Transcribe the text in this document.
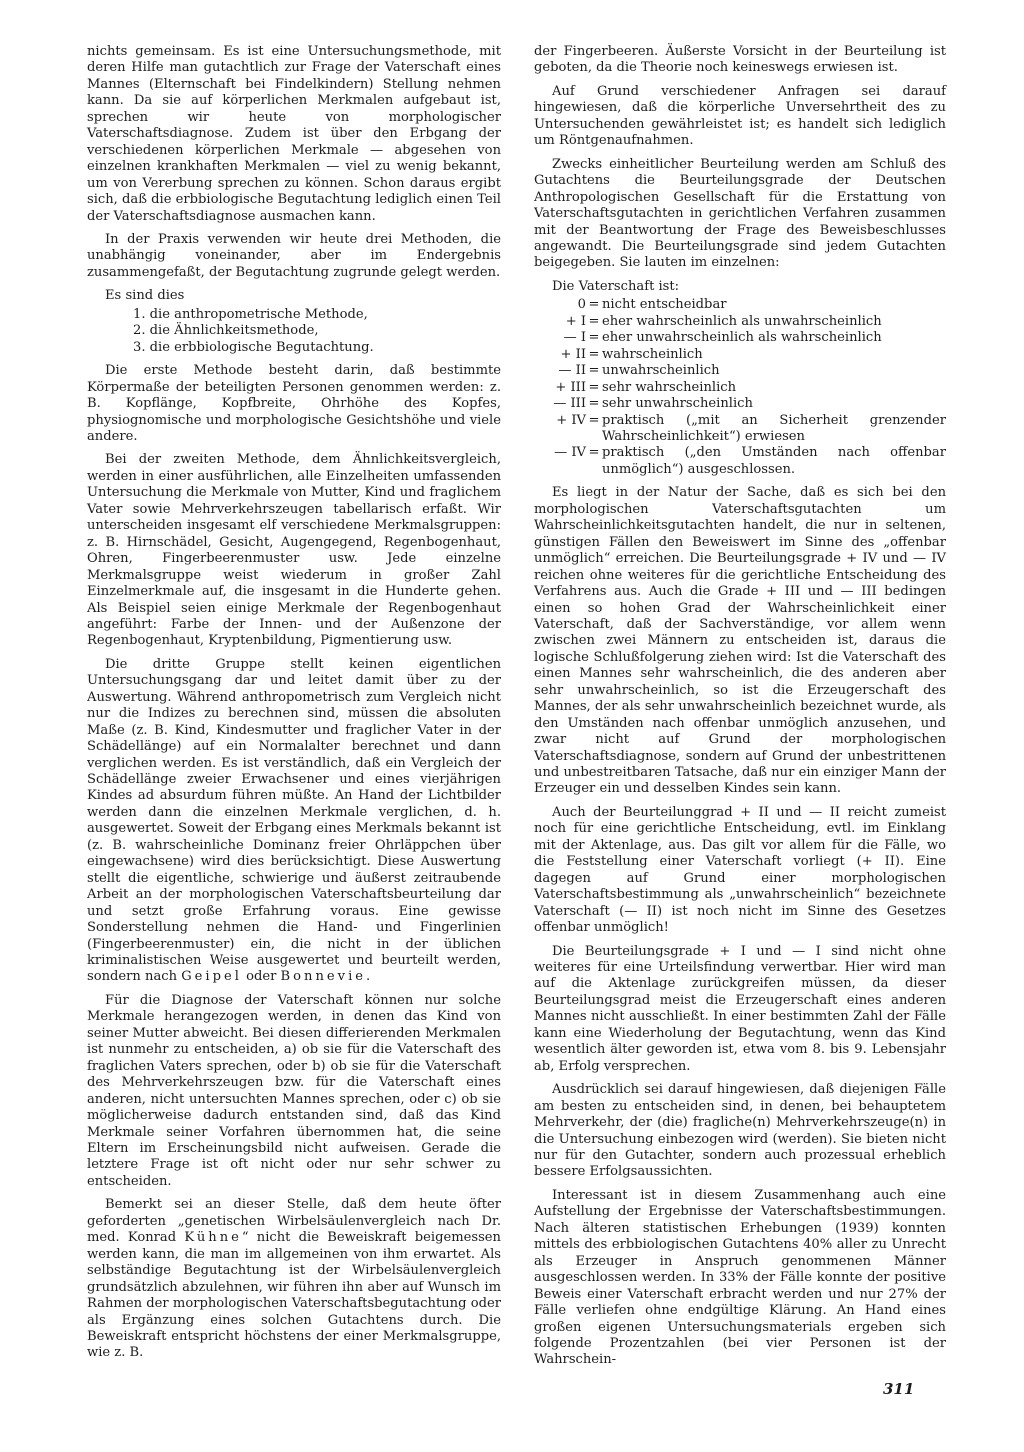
nichts gemeinsam. Es ist eine Untersuchungsmethode, mit deren Hilfe man gutachtlich zur Frage der Vaterschaft eines Mannes (Elternschaft bei Findelkindern) Stellung nehmen kann. Da sie auf körperlichen Merkmalen aufgebaut ist, sprechen wir heute von morphologischer Vaterschaftsdiagnose. Zudem ist über den Erbgang der verschiedenen körperlichen Merkmale — abgesehen von einzelnen krankhaften Merkmalen — viel zu wenig bekannt, um von Vererbung sprechen zu können. Schon daraus ergibt sich, daß die erbbiologische Begutachtung lediglich einen Teil der Vaterschaftsdiagnose ausmachen kann.

In der Praxis verwenden wir heute drei Methoden, die unabhängig voneinander, aber im Endergebnis zusammengefaßt, der Begutachtung zugrunde gelegt werden.

Es sind dies

1. die anthropometrische Methode,
2. die Ähnlichkeitsmethode,
3. die erbbiologische Begutachtung.

Die erste Methode besteht darin, daß bestimmte Körpermaße der beteiligten Personen genommen werden: z. B. Kopflänge, Kopfbreite, Ohrhöhe des Kopfes, physiognomische und morphologische Gesichtshöhe und viele andere.

Bei der zweiten Methode, dem Ähnlichkeitsvergleich, werden in einer ausführlichen, alle Einzelheiten umfassenden Untersuchung die Merkmale von Mutter, Kind und fraglichem Vater sowie Mehrverkehrszeugen tabellarisch erfaßt. Wir unterscheiden insgesamt elf verschiedene Merkmalsgruppen: z. B. Hirnschädel, Gesicht, Augengegend, Regenbogenhaut, Ohren, Fingerbeerenmuster usw. Jede einzelne Merkmalsgruppe weist wiederum in großer Zahl Einzelmerkmale auf, die insgesamt in die Hunderte gehen. Als Beispiel seien einige Merkmale der Regenbogenhaut angeführt: Farbe der Innen- und der Außenzone der Regenbogenhaut, Kryptenbildung, Pigmentierung usw.

Die dritte Gruppe stellt keinen eigentlichen Untersuchungsgang dar und leitet damit über zu der Auswertung. Während anthropometrisch zum Vergleich nicht nur die Indizes zu berechnen sind, müssen die absoluten Maße (z. B. Kind, Kindesmutter und fraglicher Vater in der Schädellänge) auf ein Normalalter berechnet und dann verglichen werden. Es ist verständlich, daß ein Vergleich der Schädellänge zweier Erwachsener und eines vierjährigen Kindes ad absurdum führen müßte. An Hand der Lichtbilder werden dann die einzelnen Merkmale verglichen, d. h. ausgewertet. Soweit der Erbgang eines Merkmals bekannt ist (z. B. wahrscheinliche Dominanz freier Ohrläppchen über eingewachsene) wird dies berücksichtigt. Diese Auswertung stellt die eigentliche, schwierige und äußerst zeitraubende Arbeit an der morphologischen Vaterschaftsbeurteilung dar und setzt große Erfahrung voraus. Eine gewisse Sonderstellung nehmen die Hand- und Fingerlinien (Fingerbeerenmuster) ein, die nicht in der üblichen kriminalistischen Weise ausgewertet und beurteilt werden, sondern nach Geipel oder Bonnevie.

Für die Diagnose der Vaterschaft können nur solche Merkmale herangezogen werden, in denen das Kind von seiner Mutter abweicht. Bei diesen differierenden Merkmalen ist nunmehr zu entscheiden, a) ob sie für die Vaterschaft des fraglichen Vaters sprechen, oder b) ob sie für die Vaterschaft des Mehrverkehrszeugen bzw. für die Vaterschaft eines anderen, nicht untersuchten Mannes sprechen, oder c) ob sie möglicherweise dadurch entstanden sind, daß das Kind Merkmale seiner Vorfahren übernommen hat, die seine Eltern im Erscheinungsbild nicht aufweisen. Gerade die letztere Frage ist oft nicht oder nur sehr schwer zu entscheiden.

Bemerkt sei an dieser Stelle, daß dem heute öfter geforderten „genetischen Wirbelsäulenvergleich nach Dr. med. Konrad Kühne“ nicht die Beweiskraft beigemessen werden kann, die man im allgemeinen von ihm erwartet. Als selbständige Begutachtung ist der Wirbelsäulenvergleich grundsätzlich abzulehnen, wir führen ihn aber auf Wunsch im Rahmen der morphologischen Vaterschaftsbegutachtung oder als Ergänzung eines solchen Gutachtens durch. Die Beweiskraft entspricht höchstens der einer Merkmalsgruppe, wie z. B.

der Fingerbeeren. Äußerste Vorsicht in der Beurteilung ist geboten, da die Theorie noch keineswegs erwiesen ist.

Auf Grund verschiedener Anfragen sei darauf hingewiesen, daß die körperliche Unversehrtheit des zu Untersuchenden gewährleistet ist; es handelt sich lediglich um Röntgenaufnahmen.

Zwecks einheitlicher Beurteilung werden am Schluß des Gutachtens die Beurteilungsgrade der Deutschen Anthropologischen Gesellschaft für die Erstattung von Vaterschaftsgutachten in gerichtlichen Verfahren zusammen mit der Beantwortung der Frage des Beweisbeschlusses angewandt. Die Beurteilungsgrade sind jedem Gutachten beigegeben. Sie lauten im einzelnen:

Die Vaterschaft ist:

0 = nicht entscheidbar
+ I = eher wahrscheinlich als unwahrscheinlich
— I = eher unwahrscheinlich als wahrscheinlich
+ II = wahrscheinlich
— II = unwahrscheinlich
+ III = sehr wahrscheinlich
— III = sehr unwahrscheinlich
+ IV = praktisch („mit an Sicherheit grenzender Wahrscheinlichkeit“) erwiesen
— IV = praktisch („den Umständen nach offenbar unmöglich“) ausgeschlossen.

Es liegt in der Natur der Sache, daß es sich bei den morphologischen Vaterschaftsgutachten um Wahrscheinlichkeitsgutachten handelt, die nur in seltenen, günstigen Fällen den Beweiswert im Sinne des „offenbar unmöglich“ erreichen. Die Beurteilungsgrade + IV und — IV reichen ohne weiteres für die gerichtliche Entscheidung des Verfahrens aus. Auch die Grade + III und — III bedingen einen so hohen Grad der Wahrscheinlichkeit einer Vaterschaft, daß der Sachverständige, vor allem wenn zwischen zwei Männern zu entscheiden ist, daraus die logische Schlußfolgerung ziehen wird: Ist die Vaterschaft des einen Mannes sehr wahrscheinlich, die des anderen aber sehr unwahrscheinlich, so ist die Erzeugerschaft des Mannes, der als sehr unwahrscheinlich bezeichnet wurde, als den Umständen nach offenbar unmöglich anzusehen, und zwar nicht auf Grund der morphologischen Vaterschaftsdiagnose, sondern auf Grund der unbestrittenen und unbestreitbaren Tatsache, daß nur ein einziger Mann der Erzeuger ein und desselben Kindes sein kann.

Auch der Beurteilunggrad + II und — II reicht zumeist noch für eine gerichtliche Entscheidung, evtl. im Einklang mit der Aktenlage, aus. Das gilt vor allem für die Fälle, wo die Feststellung einer Vaterschaft vorliegt (+ II). Eine dagegen auf Grund einer morphologischen Vaterschaftsbestimmung als „unwahrscheinlich“ bezeichnete Vaterschaft (— II) ist noch nicht im Sinne des Gesetzes offenbar unmöglich!

Die Beurteilungsgrade + I und — I sind nicht ohne weiteres für eine Urteilsfindung verwertbar. Hier wird man auf die Aktenlage zurückgreifen müssen, da dieser Beurteilungsgrad meist die Erzeugerschaft eines anderen Mannes nicht ausschließt. In einer bestimmten Zahl der Fälle kann eine Wiederholung der Begutachtung, wenn das Kind wesentlich älter geworden ist, etwa vom 8. bis 9. Lebensjahr ab, Erfolg versprechen.

Ausdrücklich sei darauf hingewiesen, daß diejenigen Fälle am besten zu entscheiden sind, in denen, bei behauptetem Mehrverkehr, der (die) fragliche(n) Mehrverkehrszeuge(n) in die Untersuchung einbezogen wird (werden). Sie bieten nicht nur für den Gutachter, sondern auch prozessual erheblich bessere Erfolgsaussichten.

Interessant ist in diesem Zusammenhang auch eine Aufstellung der Ergebnisse der Vaterschaftsbestimmungen. Nach älteren statistischen Erhebungen (1939) konnten mittels des erbbiologischen Gutachtens 40% aller zu Unrecht als Erzeuger in Anspruch genommenen Männer ausgeschlossen werden. In 33% der Fälle konnte der positive Beweis einer Vaterschaft erbracht werden und nur 27% der Fälle verliefen ohne endgültige Klärung. An Hand eines großen eigenen Untersuchungsmaterials ergeben sich folgende Prozentzahlen (bei vier Personen ist der Wahrschein-

311
